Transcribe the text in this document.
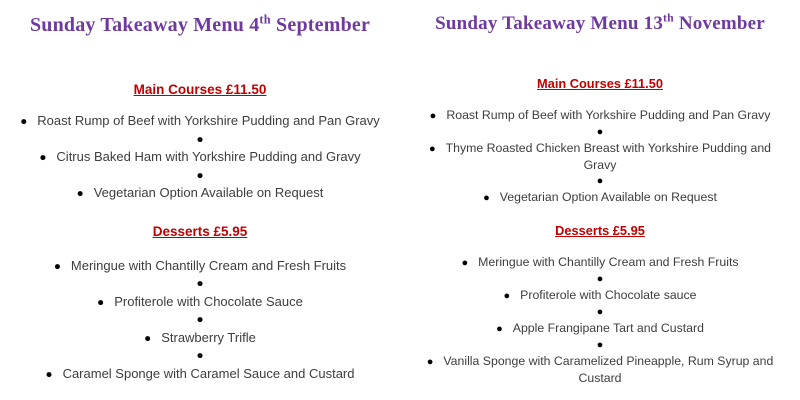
Sunday Takeaway Menu 4th September
Main Courses £11.50
● Roast Rump of Beef with Yorkshire Pudding and Pan Gravy
●
● Citrus Baked Ham with Yorkshire Pudding and Gravy
●
● Vegetarian Option Available on Request
Desserts £5.95
● Meringue with Chantilly Cream and Fresh Fruits
●
● Profiterole with Chocolate Sauce
●
● Strawberry Trifle
●
● Caramel Sponge with Caramel Sauce and Custard
Sunday Takeaway Menu 13th November
Main Courses £11.50
● Roast Rump of Beef with Yorkshire Pudding and Pan Gravy
●
● Thyme Roasted Chicken Breast with Yorkshire Pudding and Gravy
●
● Vegetarian Option Available on Request
Desserts £5.95
● Meringue with Chantilly Cream and Fresh Fruits
●
● Profiterole with Chocolate sauce
●
● Apple Frangipane Tart and Custard
●
● Vanilla Sponge with Caramelized Pineapple, Rum Syrup and Custard
